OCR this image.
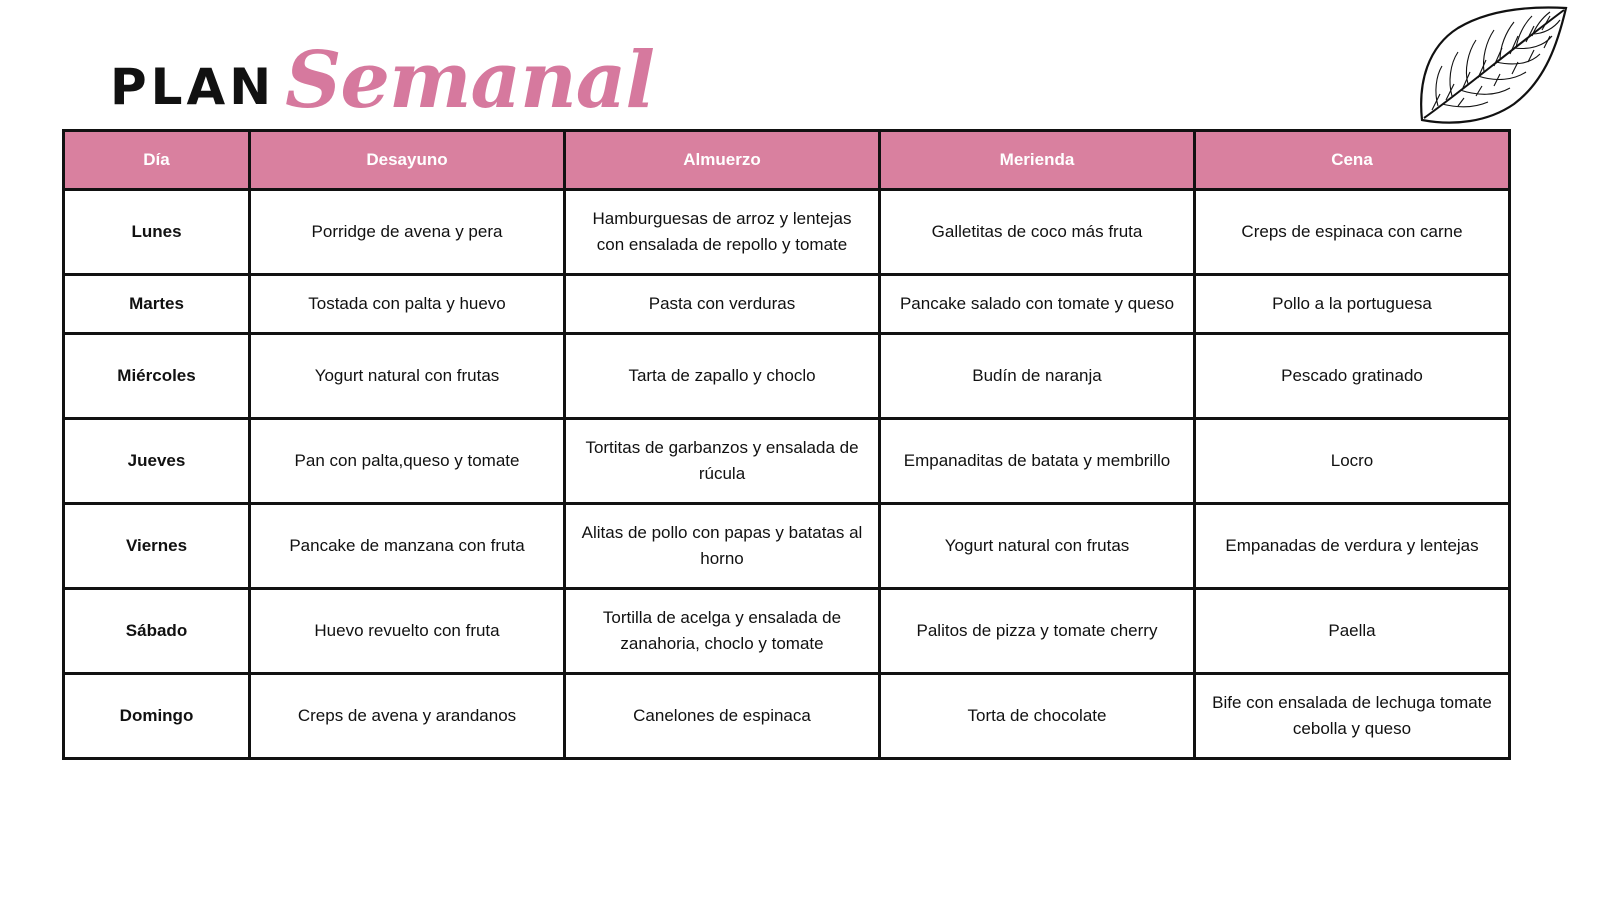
PLAN Semanal
Día	Desayuno	Almuerzo	Merienda	Cena
Lunes	Porridge de avena y pera	Hamburguesas de arroz y lentejas con ensalada de repollo y tomate	Galletitas de coco más fruta	Creps de espinaca con carne
Martes	Tostada con palta y huevo	Pasta con verduras	Pancake salado con tomate y queso	Pollo a la portuguesa
Miércoles	Yogurt natural con frutas	Tarta de zapallo y choclo	Budín de naranja	Pescado gratinado
Jueves	Pan con palta,queso y tomate	Tortitas de garbanzos y ensalada de rúcula	Empanaditas de batata y membrillo	Locro
Viernes	Pancake de manzana con fruta	Alitas de pollo con papas y batatas al horno	Yogurt natural con frutas	Empanadas de verdura y lentejas
Sábado	Huevo revuelto con fruta	Tortilla de acelga y ensalada de zanahoria, choclo y tomate	Palitos de pizza y tomate cherry	Paella
Domingo	Creps de avena y arandanos	Canelones de espinaca	Torta de chocolate	Bife con ensalada de lechuga tomate cebolla y queso
